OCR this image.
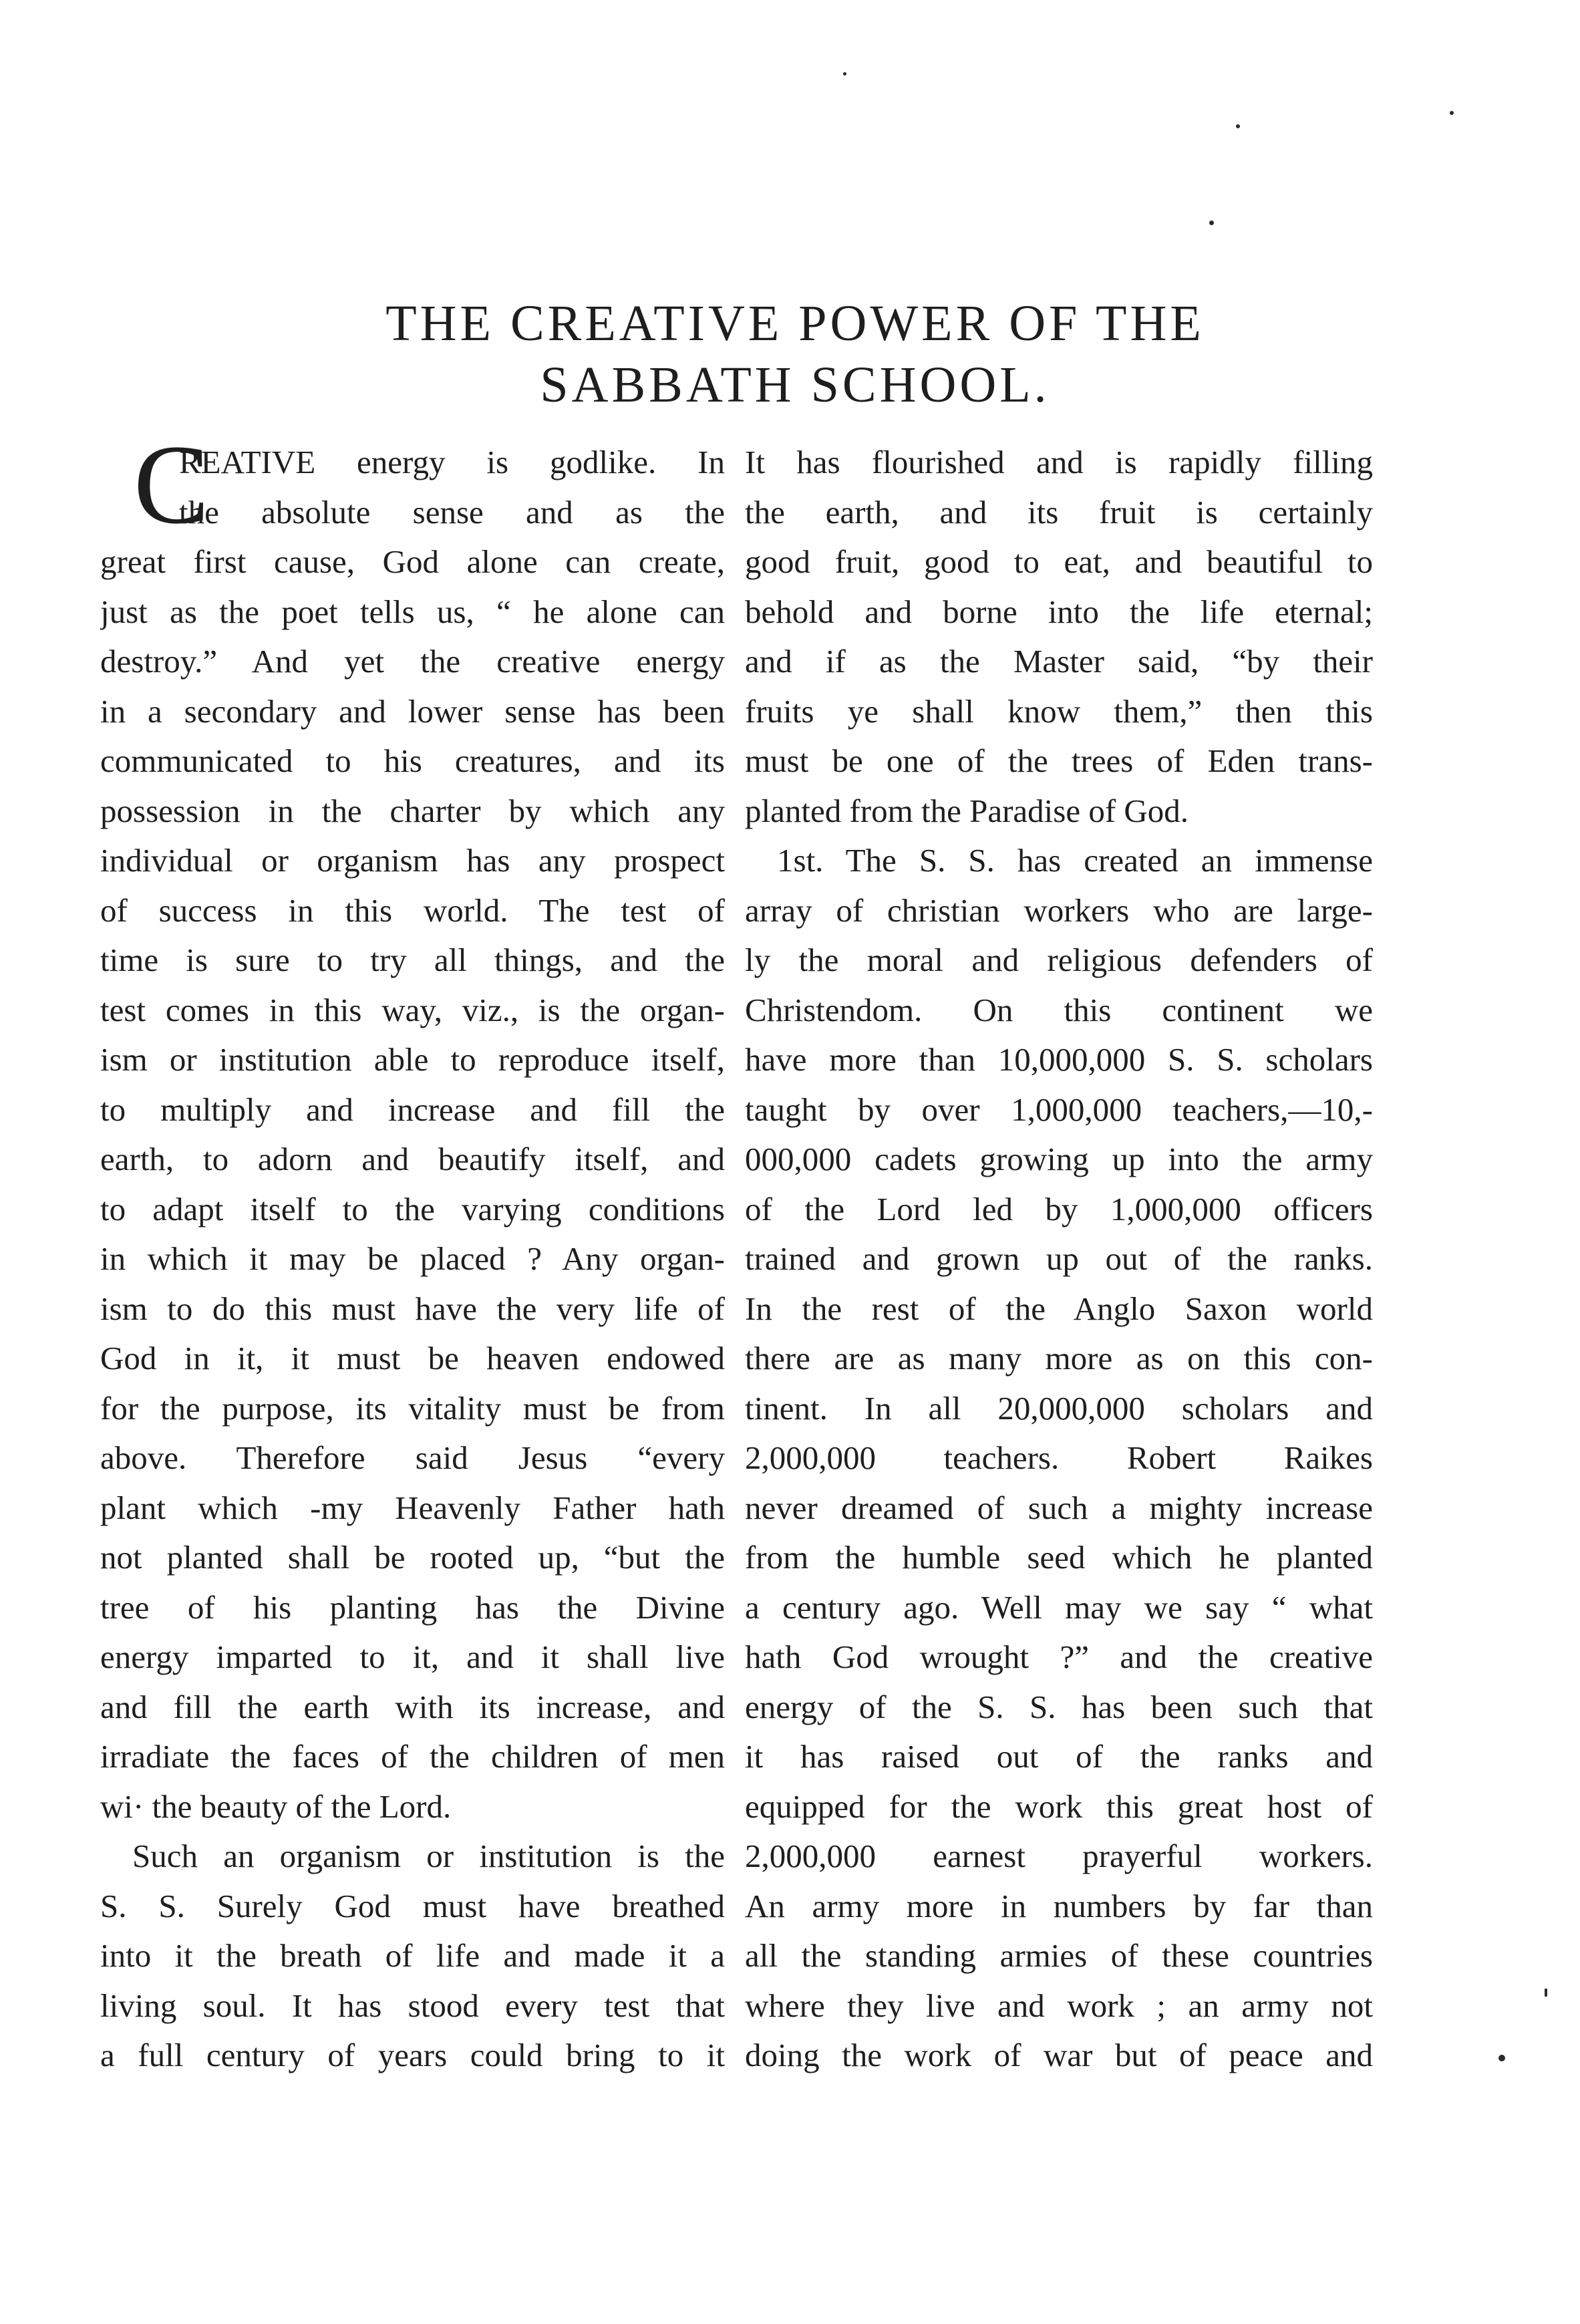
THE CREATIVE POWER OF THE
SABBATH SCHOOL.
C
REATIVE energy is godlike. In
the absolute sense and as the
great first cause, God alone can create,
just as the poet tells us, “ he alone can
destroy.” And yet the creative energy
in a secondary and lower sense has been
communicated to his creatures, and its
possession in the charter by which any
individual or organism has any prospect
of success in this world. The test of
time is sure to try all things, and the
test comes in this way, viz., is the organ-
ism or institution able to reproduce itself,
to multiply and increase and fill the
earth, to adorn and beautify itself, and
to adapt itself to the varying conditions
in which it may be placed ? Any organ-
ism to do this must have the very life of
God in it, it must be heaven endowed
for the purpose, its vitality must be from
above. Therefore said Jesus “every
plant which -my Heavenly Father hath
not planted shall be rooted up, “but the
tree of his planting has the Divine
energy imparted to it, and it shall live
and fill the earth with its increase, and
irradiate the faces of the children of men
wi· the beauty of the Lord.
Such an organism or institution is the
S. S. Surely God must have breathed
into it the breath of life and made it a
living soul. It has stood every test that
a full century of years could bring to it
It has flourished and is rapidly filling
the earth, and its fruit is certainly
good fruit, good to eat, and beautiful to
behold and borne into the life eternal;
and if as the Master said, “by their
fruits ye shall know them,” then this
must be one of the trees of Eden trans-
planted from the Paradise of God.
1st. The S. S. has created an immense
array of christian workers who are large-
ly the moral and religious defenders of
Christendom. On this continent we
have more than 10,000,000 S. S. scholars
taught by over 1,000,000 teachers,—10,-
000,000 cadets growing up into the army
of the Lord led by 1,000,000 officers
trained and grown up out of the ranks.
In the rest of the Anglo Saxon world
there are as many more as on this con-
tinent. In all 20,000,000 scholars and
2,000,000 teachers. Robert Raikes
never dreamed of such a mighty increase
from the humble seed which he planted
a century ago. Well may we say “ what
hath God wrought ?” and the creative
energy of the S. S. has been such that
it has raised out of the ranks and
equipped for the work this great host of
2,000,000 earnest prayerful workers.
An army more in numbers by far than
all the standing armies of these countries
where they live and work ; an army not
doing the work of war but of peace and
